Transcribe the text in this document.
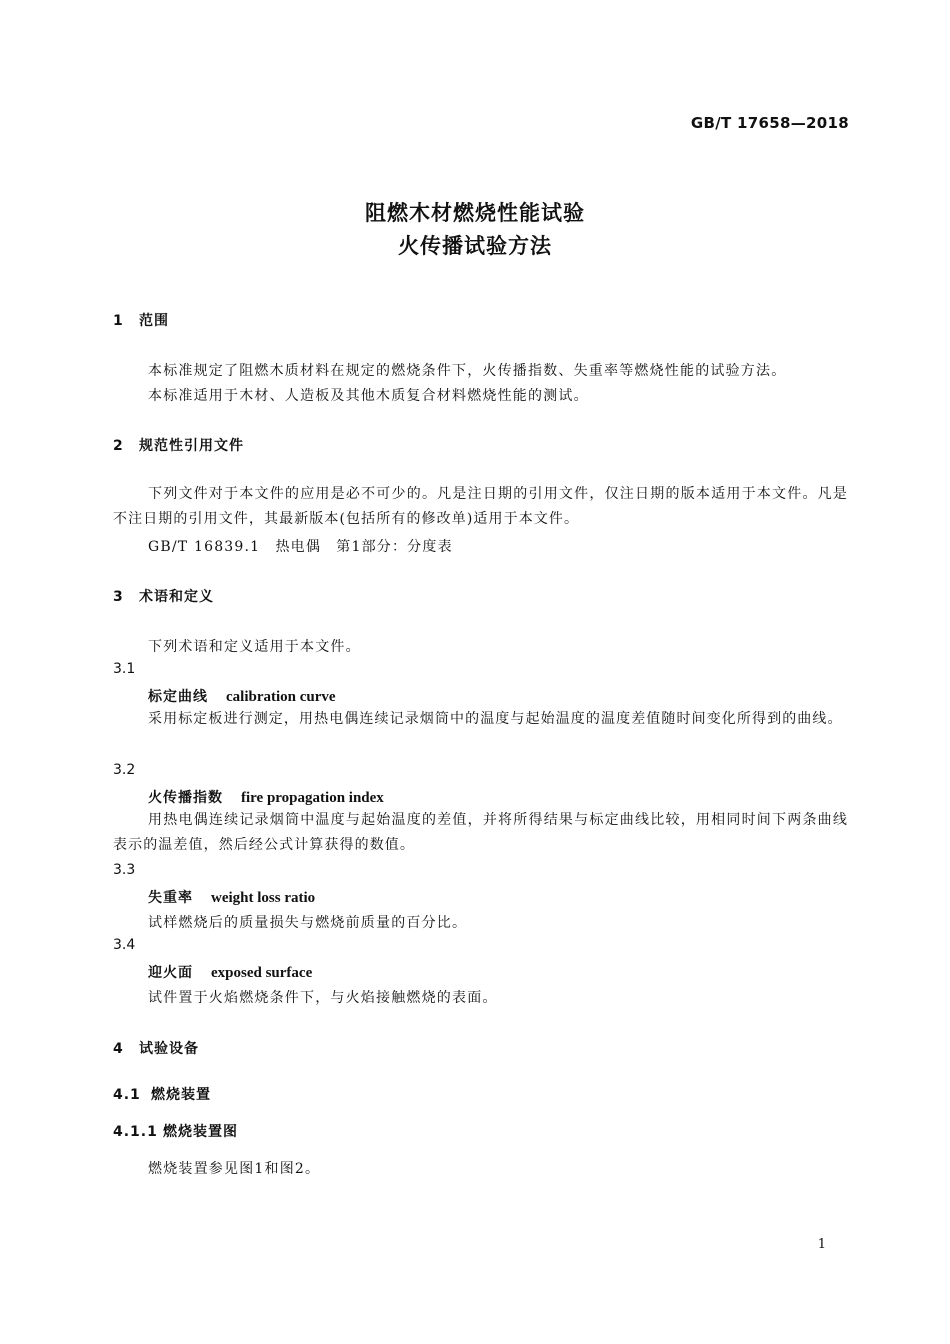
GB/T 17658—2018
阻燃木材燃烧性能试验
火传播试验方法
1 范围
本标准规定了阻燃木质材料在规定的燃烧条件下，火传播指数、失重率等燃烧性能的试验方法。
本标准适用于木材、人造板及其他木质复合材料燃烧性能的测试。
2 规范性引用文件
下列文件对于本文件的应用是必不可少的。凡是注日期的引用文件，仅注日期的版本适用于本文件。凡是不注日期的引用文件，其最新版本(包括所有的修改单)适用于本文件。
GB/T 16839.1　热电偶　第1部分：分度表
3 术语和定义
下列术语和定义适用于本文件。
3.1
标定曲线 calibration curve
采用标定板进行测定，用热电偶连续记录烟筒中的温度与起始温度的温度差值随时间变化所得到的曲线。
3.2
火传播指数 fire propagation index
用热电偶连续记录烟筒中温度与起始温度的差值，并将所得结果与标定曲线比较，用相同时间下两条曲线表示的温差值，然后经公式计算获得的数值。
3.3
失重率 weight loss ratio
试样燃烧后的质量损失与燃烧前质量的百分比。
3.4
迎火面 exposed surface
试件置于火焰燃烧条件下，与火焰接触燃烧的表面。
4 试验设备
4.1 燃烧装置
4.1.1 燃烧装置图
燃烧装置参见图1和图2。
1
